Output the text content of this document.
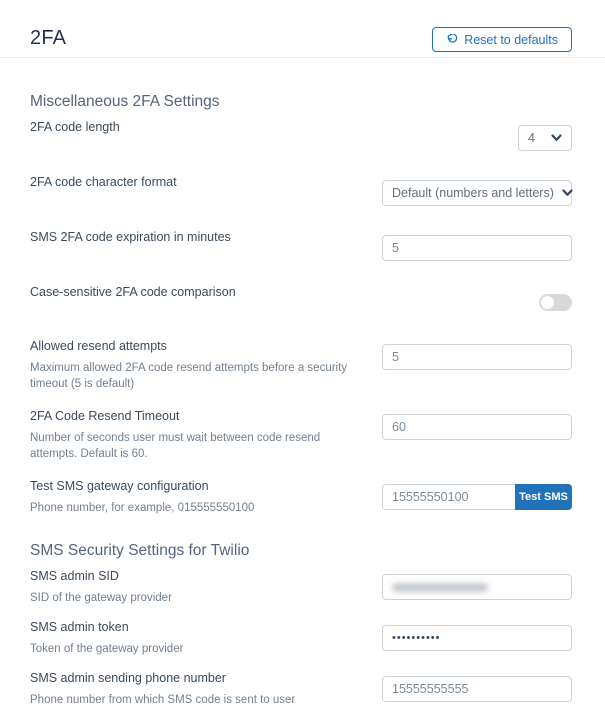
2FA	Reset to defaults
Miscellaneous 2FA Settings
2FA code length
4
2FA code character format
Default (numbers and letters)
SMS 2FA code expiration in minutes
5
Case-sensitive 2FA code comparison
Allowed resend attempts
Maximum allowed 2FA code resend attempts before a security timeout (5 is default)
5
2FA Code Resend Timeout
Number of seconds user must wait between code resend attempts. Default is 60.
60
Test SMS gateway configuration
Phone number, for example, 015555550100
15555550100
Test SMS
SMS Security Settings for Twilio
SMS admin SID
SID of the gateway provider
SMS admin token
Token of the gateway provider
••••••••••
SMS admin sending phone number
Phone number from which SMS code is sent to user
15555555555
